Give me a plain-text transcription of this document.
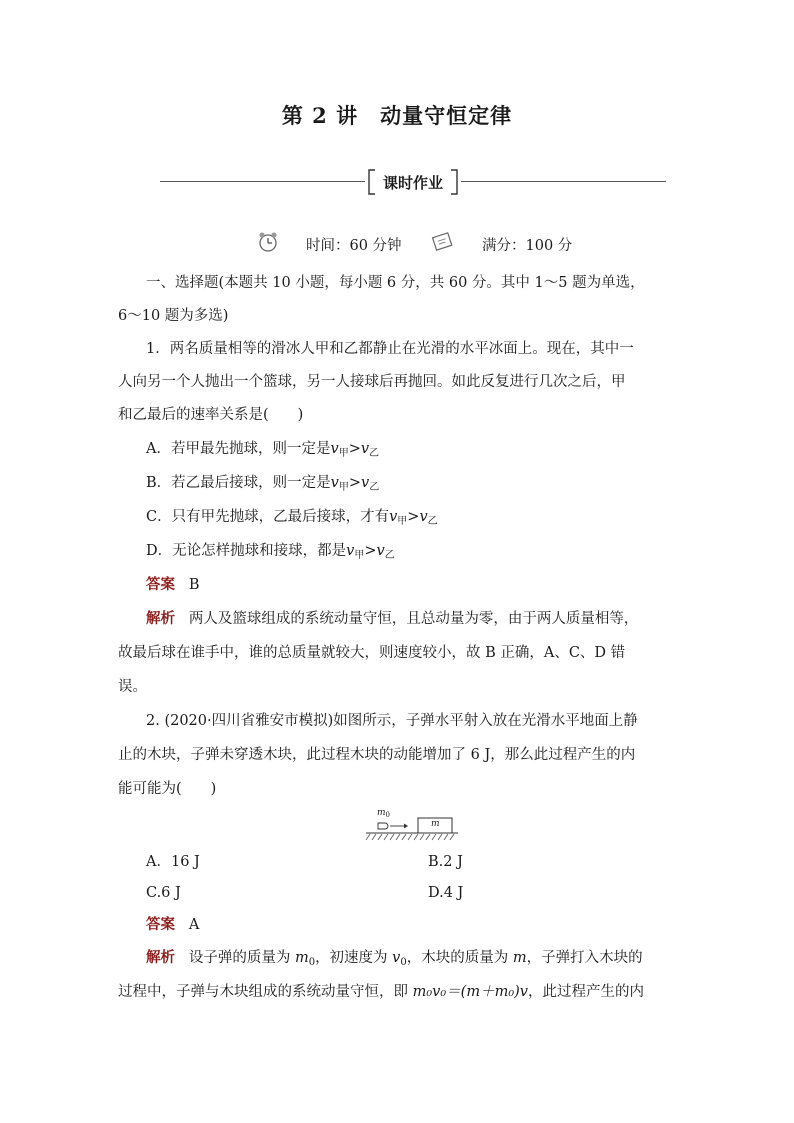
第 2 讲 动量守恒定律
课时作业
时间：60 分钟	满分：100 分
一、选择题(本题共 10 小题，每小题 6 分，共 60 分。其中 1～5 题为单选，
6～10 题为多选)
1．两名质量相等的滑冰人甲和乙都静止在光滑的水平冰面上。现在，其中一
人向另一个人抛出一个篮球，另一人接球后再抛回。如此反复进行几次之后，甲
和乙最后的速率关系是(　　)
A．若甲最先抛球，则一定是$v_甲>v_乙$
B．若乙最后接球，则一定是$v_甲>v_乙$
C．只有甲先抛球，乙最后接球，才有$v_甲>v_乙$
D．无论怎样抛球和接球，都是$v_甲>v_乙$
答案 B
解析 两人及篮球组成的系统动量守恒，且总动量为零，由于两人质量相等，
故最后球在谁手中，谁的总质量就较大，则速度较小，故 B 正确，A、C、D 错
误。
2. (2020·四川省雅安市模拟)如图所示，子弹水平射入放在光滑水平地面上静
止的木块，子弹未穿透木块，此过程木块的动能增加了 6 J，那么此过程产生的内
能可能为(　　)
$m_0$
m
A．16 J	B.2 J
C.6 J	D.4 J
答案 A
解析 设子弹的质量为 $m_0$，初速度为 $v_0$，木块的质量为 m，子弹打入木块的
过程中，子弹与木块组成的系统动量守恒，即 m₀v₀＝(m＋m₀)v，此过程产生的内
